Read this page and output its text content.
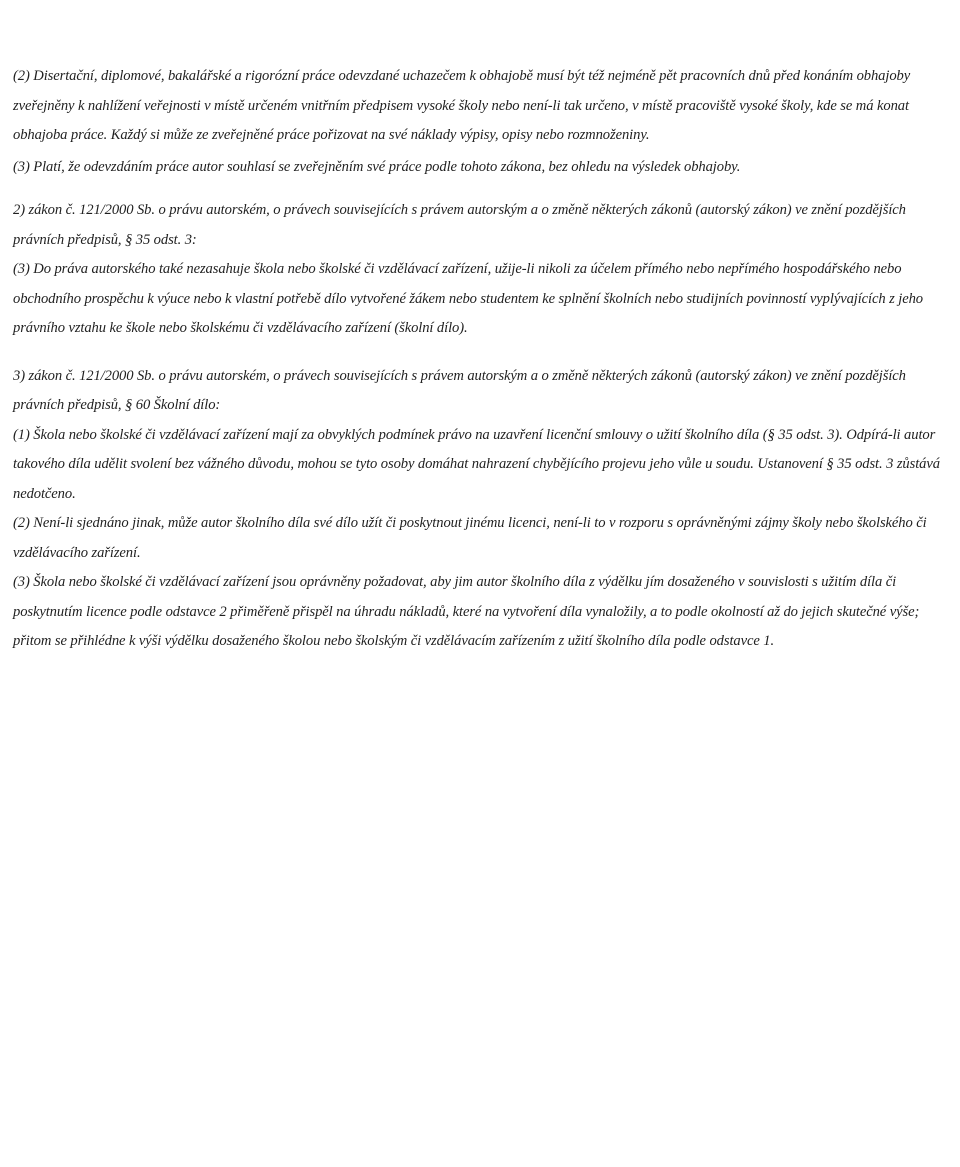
(2) Disertační, diplomové, bakalářské a rigorózní práce odevzdané uchazečem k obhajobě musí být též nejméně pět pracovních dnů před konáním obhajoby zveřejněny k nahlížení veřejnosti v místě určeném vnitřním předpisem vysoké školy nebo není-li tak určeno, v místě pracoviště vysoké školy, kde se má konat obhajoba práce. Každý si může ze zveřejněné práce pořizovat na své náklady výpisy, opisy nebo rozmnoženiny.

(3) Platí, že odevzdáním práce autor souhlasí se zveřejněním své práce podle tohoto zákona, bez ohledu na výsledek obhajoby.

2) zákon č. 121/2000 Sb. o právu autorském, o právech souvisejících s právem autorským a o změně některých zákonů (autorský zákon) ve znění pozdějších právních předpisů, § 35 odst. 3:

(3) Do práva autorského také nezasahuje škola nebo školské či vzdělávací zařízení, užije-li nikoli za účelem přímého nebo nepřímého hospodářského nebo obchodního prospěchu k výuce nebo k vlastní potřebě dílo vytvořené žákem nebo studentem ke splnění školních nebo studijních povinností vyplývajících z jeho právního vztahu ke škole nebo školskému či vzdělávacího zařízení (školní dílo).

3) zákon č. 121/2000 Sb. o právu autorském, o právech souvisejících s právem autorským a o změně některých zákonů (autorský zákon) ve znění pozdějších právních předpisů, § 60 Školní dílo:

(1) Škola nebo školské či vzdělávací zařízení mají za obvyklých podmínek právo na uzavření licenční smlouvy o užití školního díla (§ 35 odst. 3). Odpírá-li autor takového díla udělit svolení bez vážného důvodu, mohou se tyto osoby domáhat nahrazení chybějícího projevu jeho vůle u soudu. Ustanovení § 35 odst. 3 zůstává nedotčeno.

(2) Není-li sjednáno jinak, může autor školního díla své dílo užít či poskytnout jinému licenci, není-li to v rozporu s oprávněnými zájmy školy nebo školského či vzdělávacího zařízení.

(3) Škola nebo školské či vzdělávací zařízení jsou oprávněny požadovat, aby jim autor školního díla z výdělku jím dosaženého v souvislosti s užitím díla či poskytnutím licence podle odstavce 2 přiměřeně přispěl na úhradu nákladů, které na vytvoření díla vynaložily, a to podle okolností až do jejich skutečné výše; přitom se přihlédne k výši výdělku dosaženého školou nebo školským či vzdělávacím zařízením z užití školního díla podle odstavce 1.
